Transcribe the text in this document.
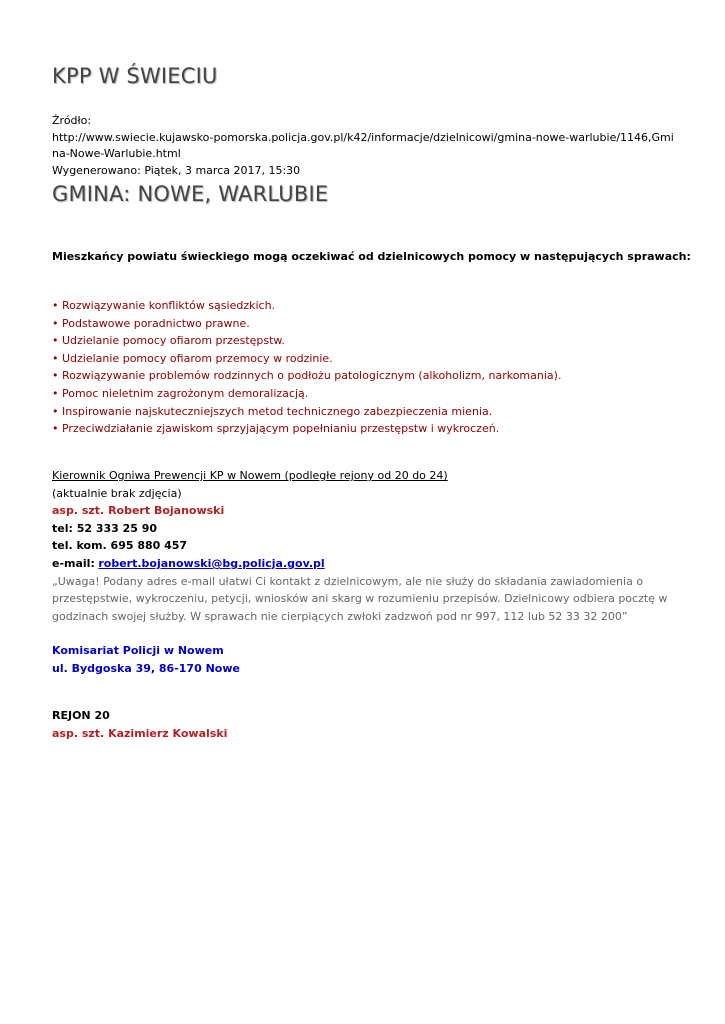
KPP W ŚWIECIU
Źródło:
http://www.swiecie.kujawsko-pomorska.policja.gov.pl/k42/informacje/dzielnicowi/gmina-nowe-warlubie/1146,Gmina-Nowe-Warlubie.html
Wygenerowano: Piątek, 3 marca 2017, 15:30
GMINA: NOWE, WARLUBIE
Mieszkańcy powiatu świeckiego mogą oczekiwać od dzielnicowych pomocy w następujących sprawach:
• Rozwiązywanie konfliktów sąsiedzkich.
• Podstawowe poradnictwo prawne.
• Udzielanie pomocy ofiarom przestępstw.
• Udzielanie pomocy ofiarom przemocy w rodzinie.
• Rozwiązywanie problemów rodzinnych o podłożu patologicznym (alkoholizm, narkomania).
• Pomoc nieletnim zagrożonym demoralizacją.
• Inspirowanie najskuteczniejszych metod technicznego zabezpieczenia mienia.
• Przeciwdziałanie zjawiskom sprzyjającym popełnianiu przestępstw i wykroczeń.
Kierownik Ogniwa Prewencji KP w Nowem (podległe rejony od 20 do 24)
(aktualnie brak zdjęcia)
asp. szt. Robert Bojanowski
tel: 52 333 25 90
tel. kom. 695 880 457
e-mail: robert.bojanowski@bg.policja.gov.pl
„Uwaga! Podany adres e-mail ułatwi Ci kontakt z dzielnicowym, ale nie służy do składania zawiadomienia o przestępstwie, wykroczeniu, petycji, wniosków ani skarg w rozumieniu przepisów. Dzielnicowy odbiera pocztę w godzinach swojej służby. W sprawach nie cierpiących zwłoki zadzwoń pod nr 997, 112 lub 52 33 32 200”
Komisariat Policji w Nowem
ul. Bydgoska 39, 86-170 Nowe
REJON 20
asp. szt. Kazimierz Kowalski
